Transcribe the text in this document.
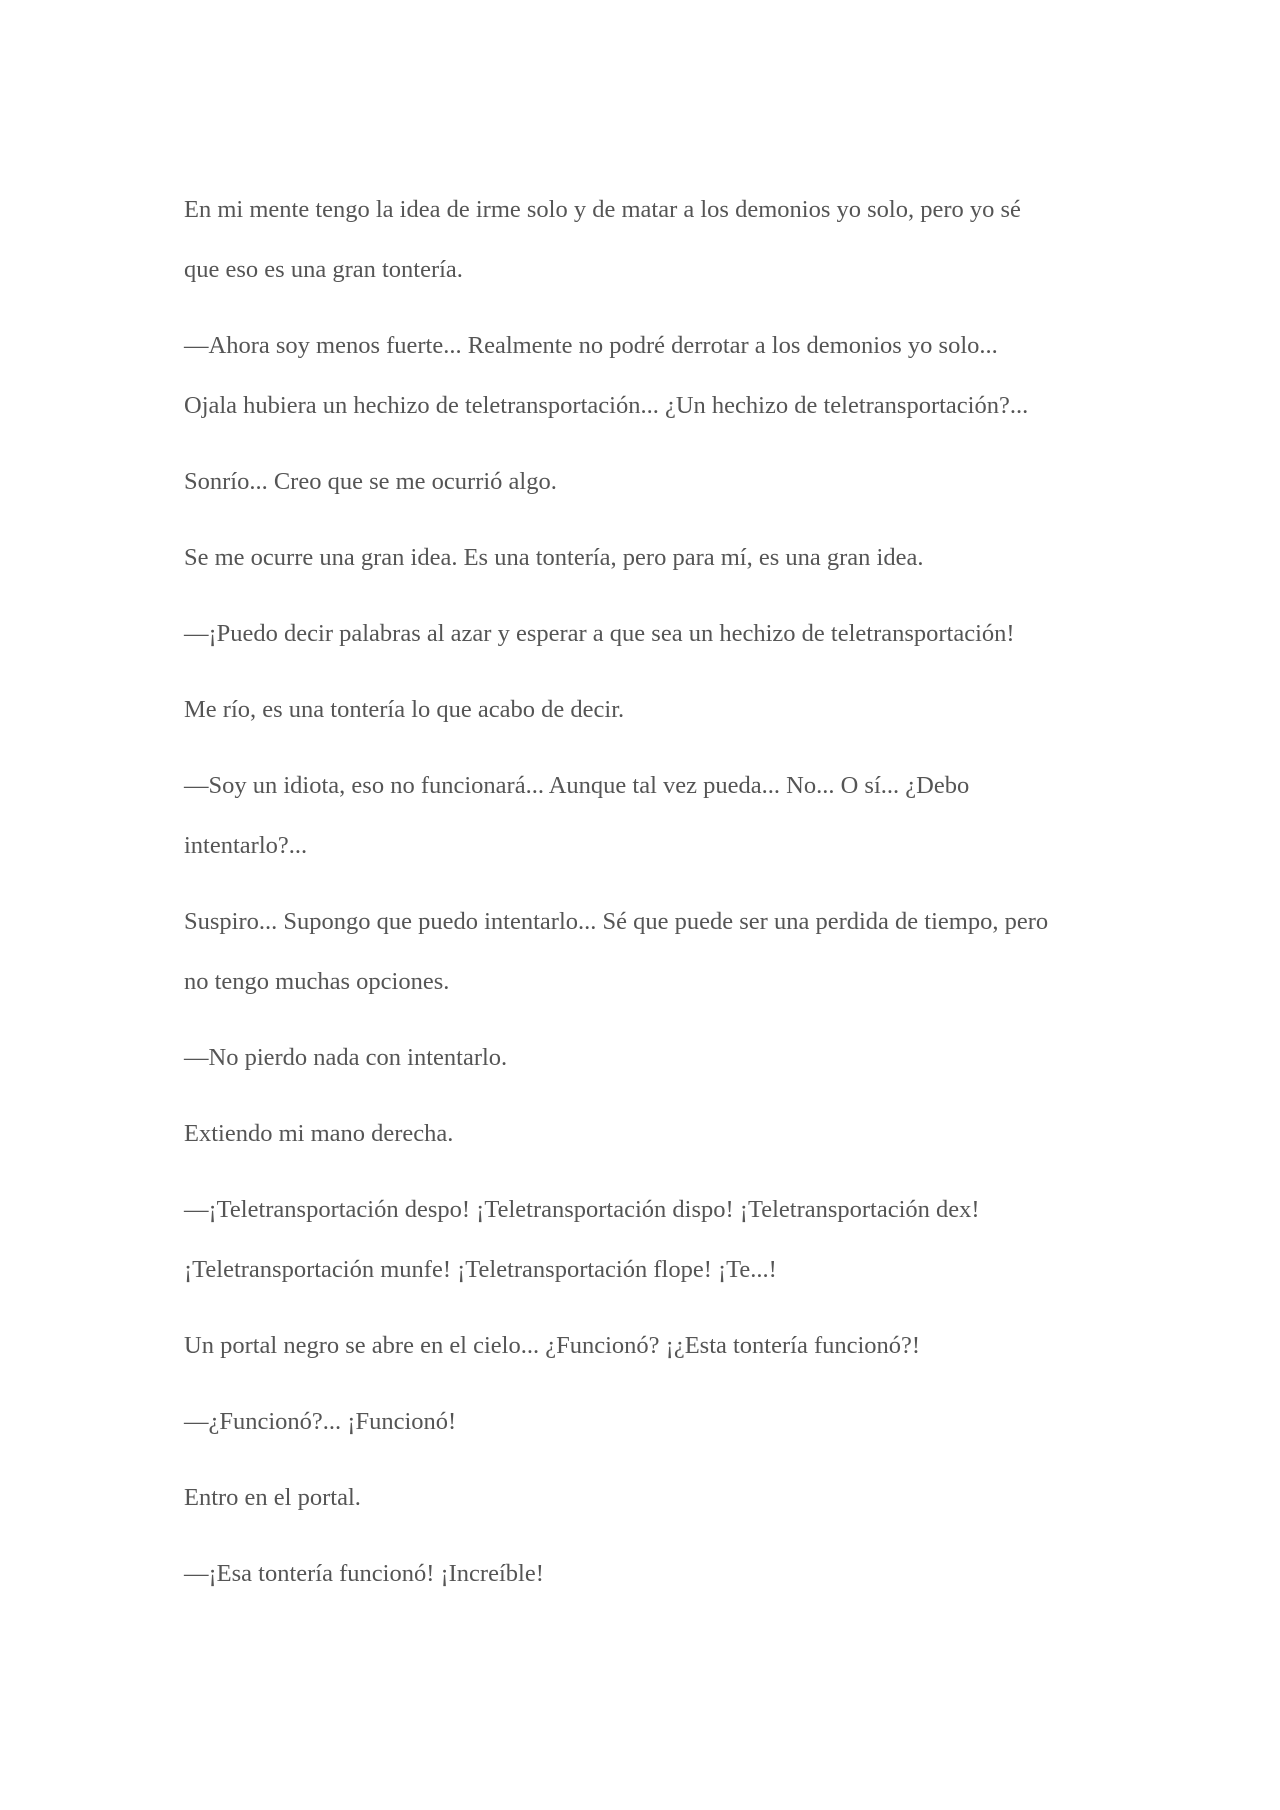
En mi mente tengo la idea de irme solo y de matar a los demonios yo solo, pero yo sé
que eso es una gran tontería.

—Ahora soy menos fuerte... Realmente no podré derrotar a los demonios yo solo...
Ojala hubiera un hechizo de teletransportación... ¿Un hechizo de teletransportación?...

Sonrío... Creo que se me ocurrió algo.

Se me ocurre una gran idea. Es una tontería, pero para mí, es una gran idea.

—¡Puedo decir palabras al azar y esperar a que sea un hechizo de teletransportación!

Me río, es una tontería lo que acabo de decir.

—Soy un idiota, eso no funcionará... Aunque tal vez pueda... No... O sí... ¿Debo
intentarlo?...

Suspiro... Supongo que puedo intentarlo... Sé que puede ser una perdida de tiempo, pero
no tengo muchas opciones.

—No pierdo nada con intentarlo.

Extiendo mi mano derecha.

—¡Teletransportación despo! ¡Teletransportación dispo! ¡Teletransportación dex!
¡Teletransportación munfe! ¡Teletransportación flope! ¡Te...!

Un portal negro se abre en el cielo... ¿Funcionó? ¡¿Esta tontería funcionó?!

—¿Funcionó?... ¡Funcionó!

Entro en el portal.

—¡Esa tontería funcionó! ¡Increíble!
